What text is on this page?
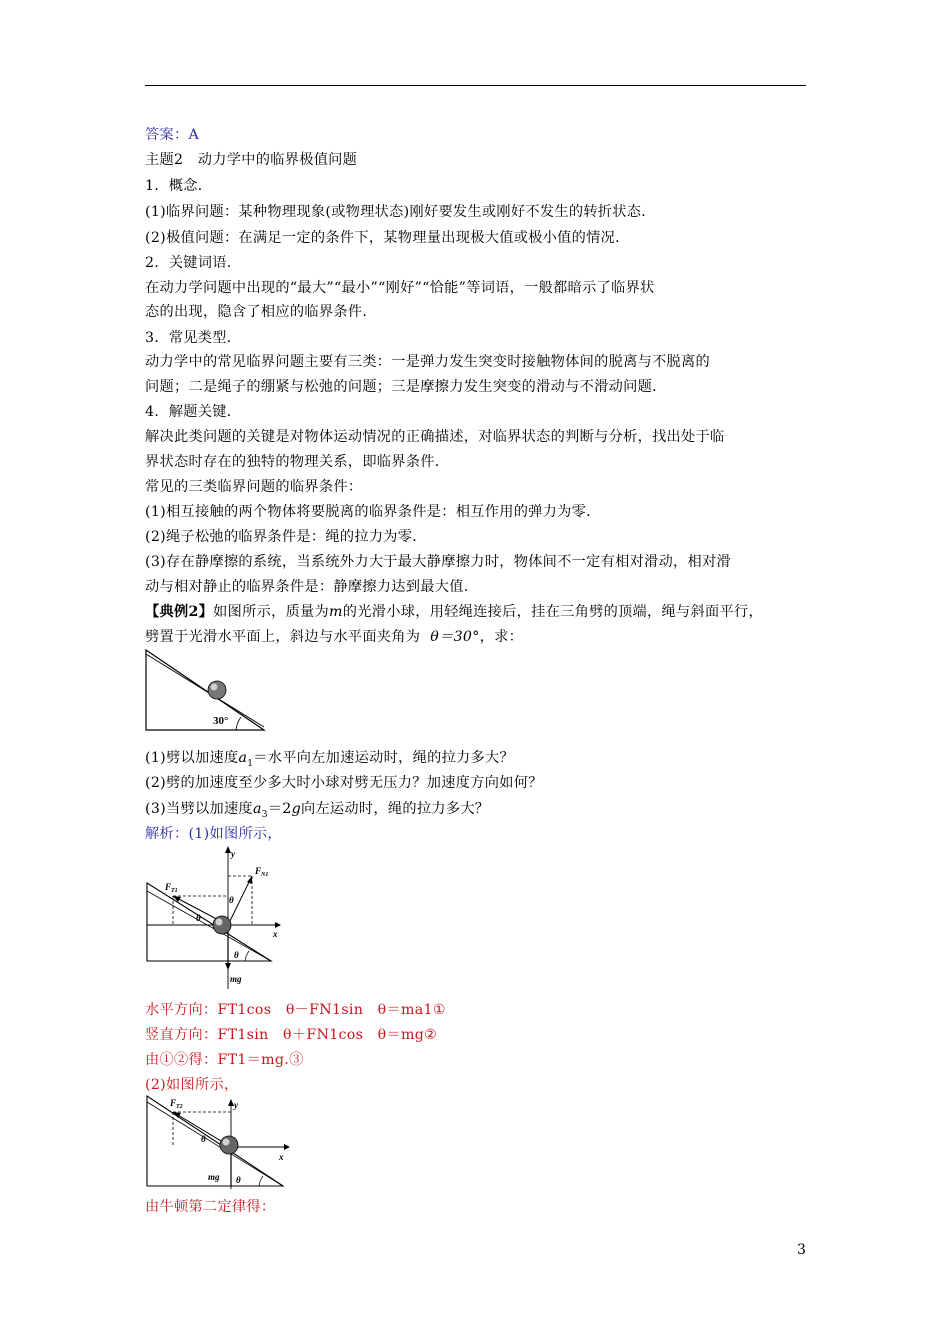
答案：A
主题2　动力学中的临界极值问题
1．概念．
(1)临界问题：某种物理现象(或物理状态)刚好要发生或刚好不发生的转折状态．
(2)极值问题：在满足一定的条件下，某物理量出现极大值或极小值的情况．
2．关键词语．
在动力学问题中出现的“最大”“最小”“刚好”“恰能”等词语，一般都暗示了临界状
态的出现，隐含了相应的临界条件．
3．常见类型．
动力学中的常见临界问题主要有三类：一是弹力发生突变时接触物体间的脱离与不脱离的
问题；二是绳子的绷紧与松弛的问题；三是摩擦力发生突变的滑动与不滑动问题．
4．解题关键．
解决此类问题的关键是对物体运动情况的正确描述，对临界状态的判断与分析，找出处于临
界状态时存在的独特的物理关系，即临界条件．
常见的三类临界问题的临界条件：
(1)相互接触的两个物体将要脱离的临界条件是：相互作用的弹力为零．
(2)绳子松弛的临界条件是：绳的拉力为零．
(3)存在静摩擦的系统，当系统外力大于最大静摩擦力时，物体间不一定有相对滑动，相对滑
动与相对静止的临界条件是：静摩擦力达到最大值．
【典例2】如图所示，质量为m的光滑小球，用轻绳连接后，挂在三角劈的顶端，绳与斜面平行，
劈置于光滑水平面上，斜边与水平面夹角为 θ＝30°，求：
30°
(1)劈以加速度$a_1=$水平向左加速运动时，绳的拉力多大？
(2)劈的加速度至少多大时小球对劈无压力？加速度方向如何？
(3)当劈以加速度$a_3=2g$向左运动时，绳的拉力多大？
解析：(1)如图所示，
y
x
$F_{T1}$
$F_{N1}$
θ
θ
θ
mg
水平方向：FT1cos　θ－FN1sin　θ＝ma1①
竖直方向：FT1sin　θ＋FN1cos　θ＝mg②
由①②得：FT1＝mg.③
(2)如图所示，
y
x
$F_{T2}$
θ
θ
mg
由牛顿第二定律得：
3
